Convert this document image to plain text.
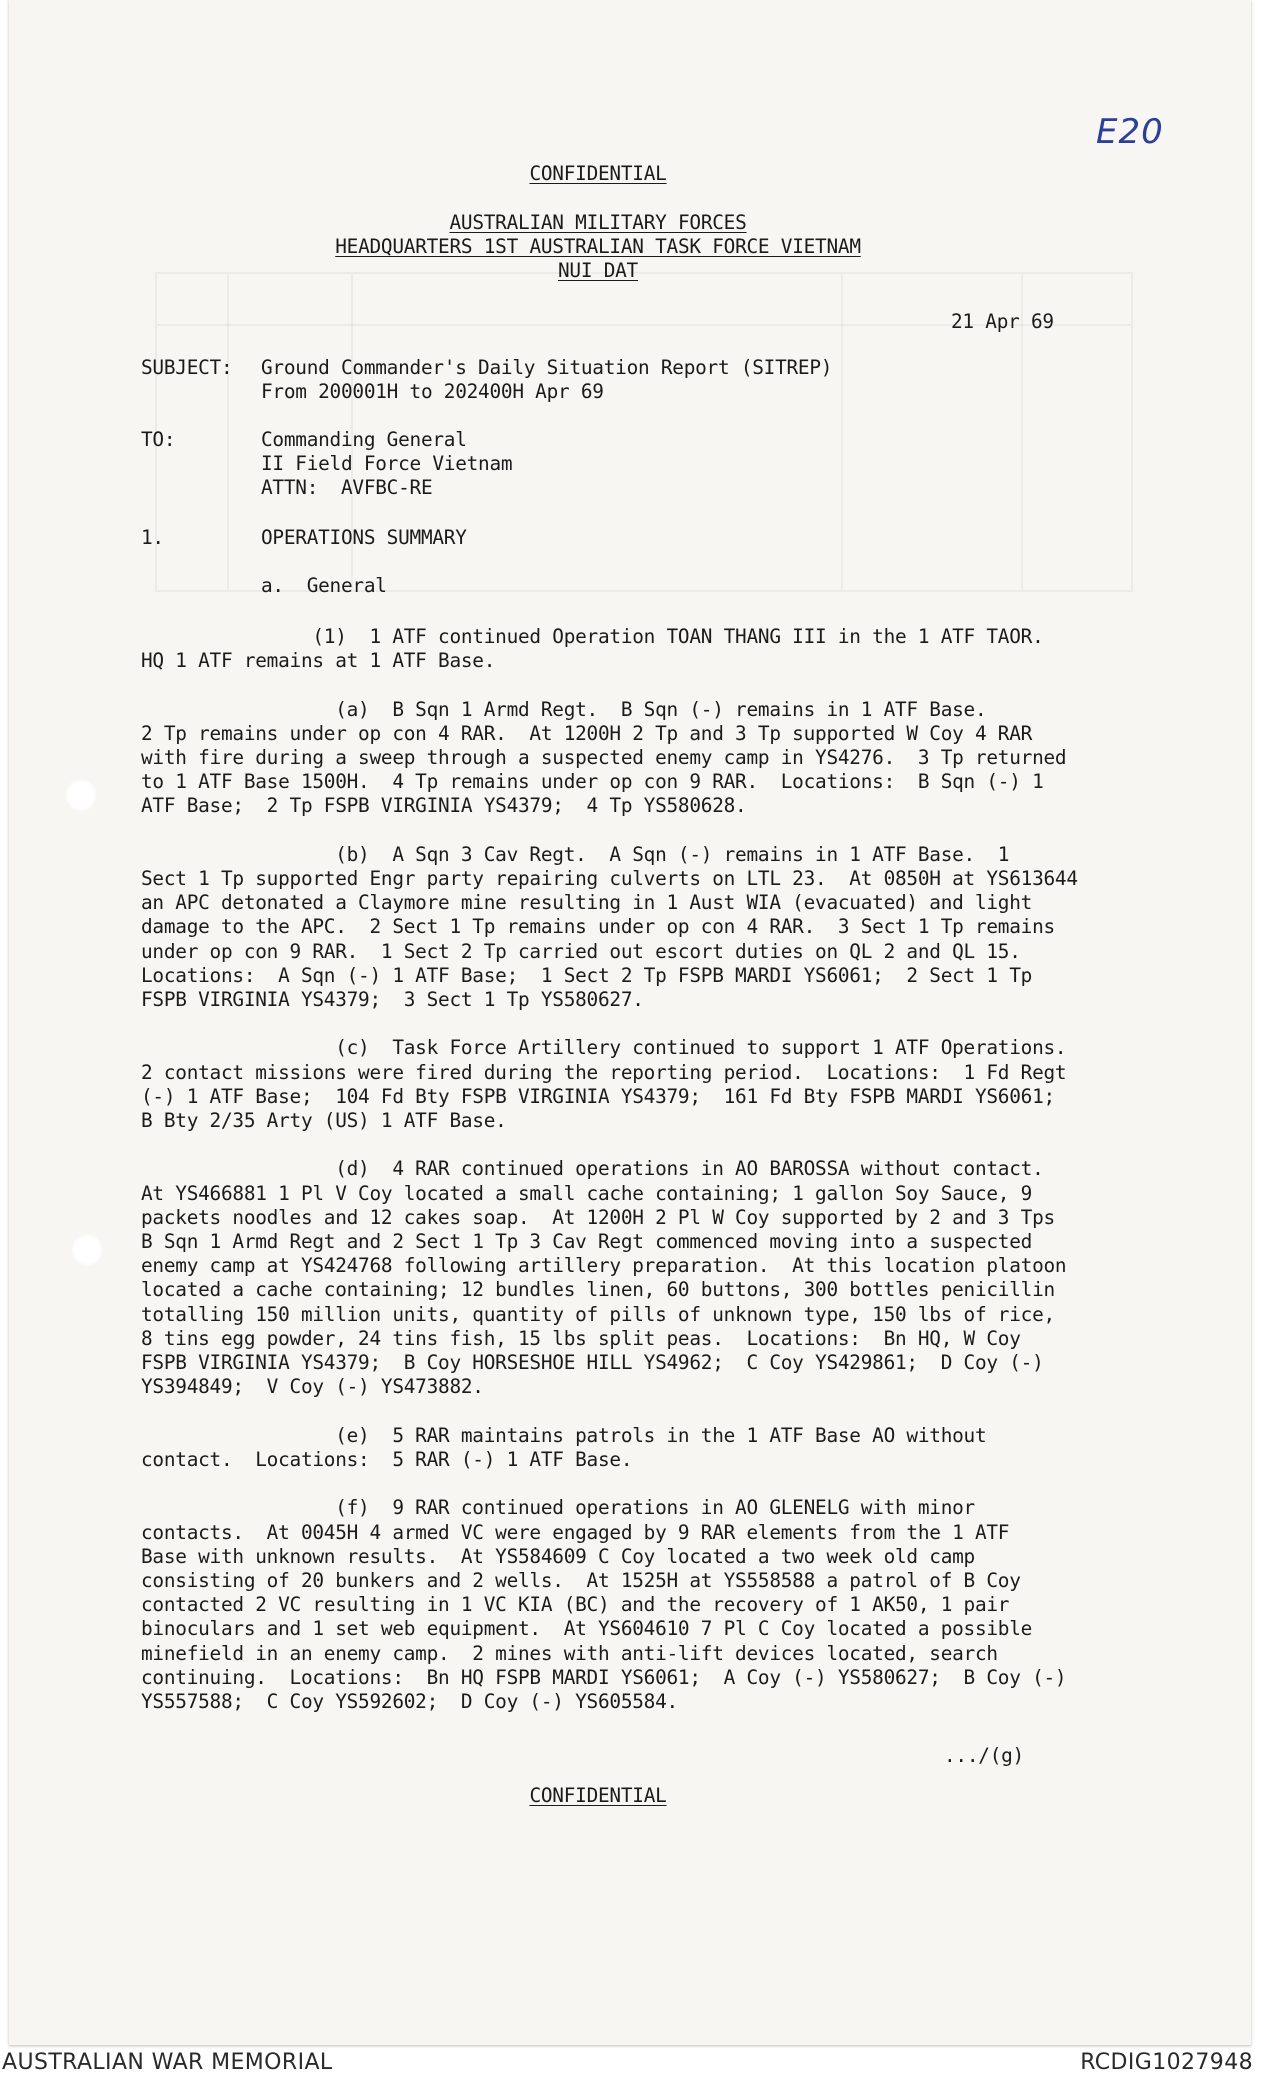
E20

CONFIDENTIAL

AUSTRALIAN MILITARY FORCES

HEADQUARTERS 1ST AUSTRALIAN TASK FORCE VIETNAM

NUI DAT

21 Apr 69

SUBJECT: Ground Commander's Daily Situation Report (SITREP)

From 200001H to 202400H Apr 69

TO:	Commanding General

II Field Force Vietnam

ATTN:  AVFBC-RE

1.	OPERATIONS SUMMARY

a.  General

(1)  1 ATF continued Operation TOAN THANG III in the 1 ATF TAOR.
HQ 1 ATF remains at 1 ATF Base.

(a)  B Sqn 1 Armd Regt.  B Sqn (-) remains in 1 ATF Base.
2 Tp remains under op con 4 RAR.  At 1200H 2 Tp and 3 Tp supported W Coy 4 RAR
with fire during a sweep through a suspected enemy camp in YS4276.  3 Tp returned
to 1 ATF Base 1500H.  4 Tp remains under op con 9 RAR.  Locations:  B Sqn (-) 1
ATF Base;  2 Tp FSPB VIRGINIA YS4379;  4 Tp YS580628.

(b)  A Sqn 3 Cav Regt.  A Sqn (-) remains in 1 ATF Base.  1
Sect 1 Tp supported Engr party repairing culverts on LTL 23.  At 0850H at YS613644
an APC detonated a Claymore mine resulting in 1 Aust WIA (evacuated) and light
damage to the APC.  2 Sect 1 Tp remains under op con 4 RAR.  3 Sect 1 Tp remains
under op con 9 RAR.  1 Sect 2 Tp carried out escort duties on QL 2 and QL 15.
Locations:  A Sqn (-) 1 ATF Base;  1 Sect 2 Tp FSPB MARDI YS6061;  2 Sect 1 Tp
FSPB VIRGINIA YS4379;  3 Sect 1 Tp YS580627.

(c)  Task Force Artillery continued to support 1 ATF Operations.
2 contact missions were fired during the reporting period.  Locations:  1 Fd Regt
(-) 1 ATF Base;  104 Fd Bty FSPB VIRGINIA YS4379;  161 Fd Bty FSPB MARDI YS6061;
B Bty 2/35 Arty (US) 1 ATF Base.

(d)  4 RAR continued operations in AO BAROSSA without contact.
At YS466881 1 Pl V Coy located a small cache containing; 1 gallon Soy Sauce, 9
packets noodles and 12 cakes soap.  At 1200H 2 Pl W Coy supported by 2 and 3 Tps
B Sqn 1 Armd Regt and 2 Sect 1 Tp 3 Cav Regt commenced moving into a suspected
enemy camp at YS424768 following artillery preparation.  At this location platoon
located a cache containing; 12 bundles linen, 60 buttons, 300 bottles penicillin
totalling 150 million units, quantity of pills of unknown type, 150 lbs of rice,
8 tins egg powder, 24 tins fish, 15 lbs split peas.  Locations:  Bn HQ, W Coy
FSPB VIRGINIA YS4379;  B Coy HORSESHOE HILL YS4962;  C Coy YS429861;  D Coy (-)
YS394849;  V Coy (-) YS473882.

(e)  5 RAR maintains patrols in the 1 ATF Base AO without
contact.  Locations:  5 RAR (-) 1 ATF Base.

(f)  9 RAR continued operations in AO GLENELG with minor
contacts.  At 0045H 4 armed VC were engaged by 9 RAR elements from the 1 ATF
Base with unknown results.  At YS584609 C Coy located a two week old camp
consisting of 20 bunkers and 2 wells.  At 1525H at YS558588 a patrol of B Coy
contacted 2 VC resulting in 1 VC KIA (BC) and the recovery of 1 AK50, 1 pair
binoculars and 1 set web equipment.  At YS604610 7 Pl C Coy located a possible
minefield in an enemy camp.  2 mines with anti-lift devices located, search
continuing.  Locations:  Bn HQ FSPB MARDI YS6061;  A Coy (-) YS580627;  B Coy (-)
YS557588;  C Coy YS592602;  D Coy (-) YS605584.

.../(g)

CONFIDENTIAL

AUSTRALIAN WAR MEMORIAL	RCDIG1027948
